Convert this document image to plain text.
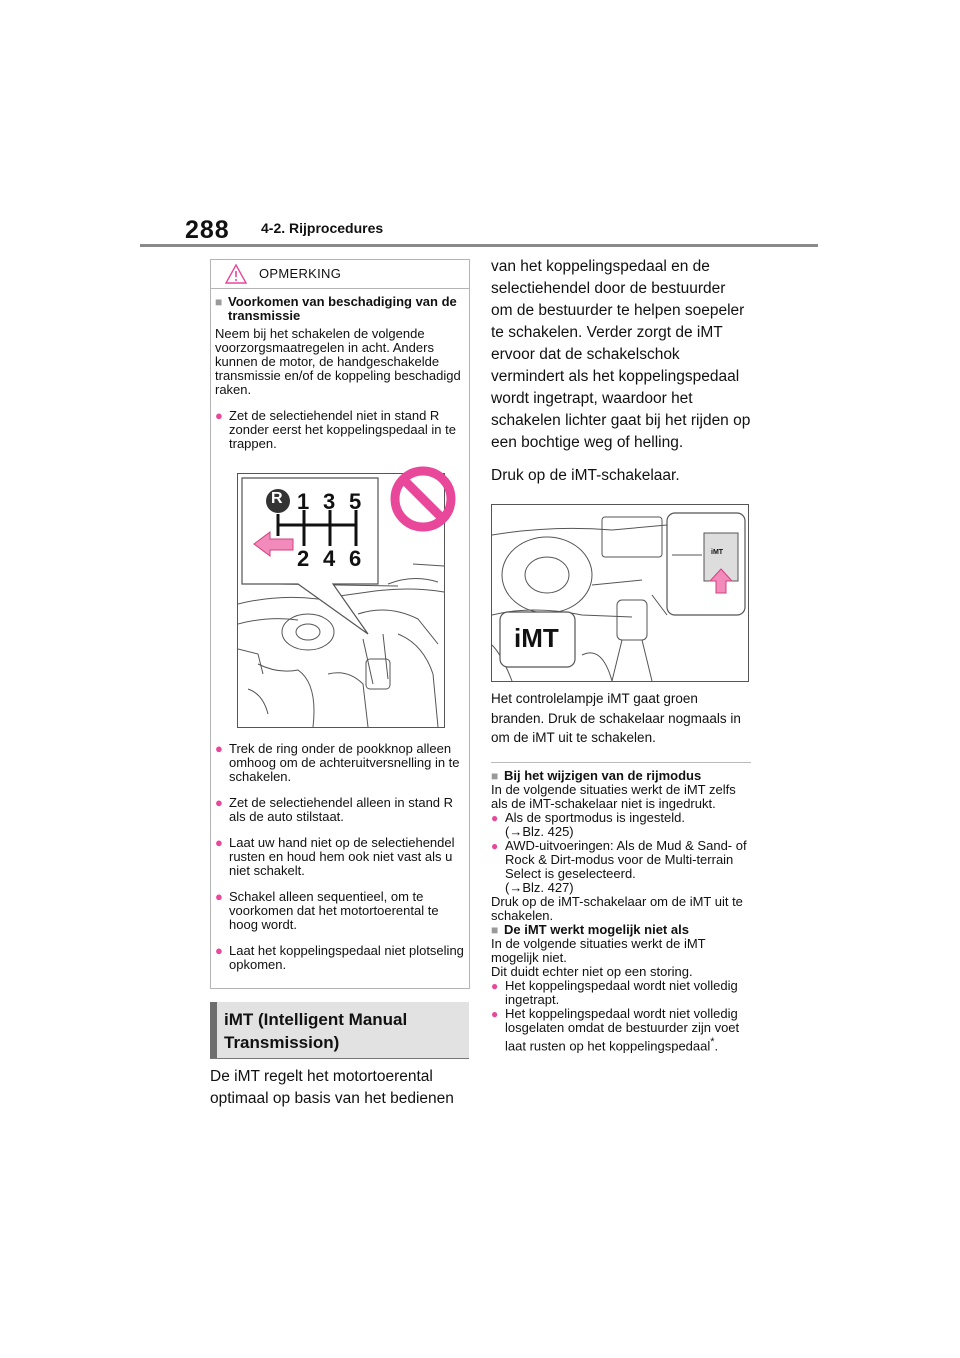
288 4-2. Rijprocedures
OPMERKING
■ Voorkomen van beschadiging van de transmissie
Neem bij het schakelen de volgende voorzorgsmaatregelen in acht. Anders kunnen de motor, de handgeschakelde transmissie en/of de koppeling beschadigd raken.
● Zet de selectiehendel niet in stand R zonder eerst het koppelingspedaal in te trappen.
R 1 3 5
2 4 6
● Trek de ring onder de pookknop alleen omhoog om de achteruitversnelling in te schakelen.
● Zet de selectiehendel alleen in stand R als de auto stilstaat.
● Laat uw hand niet op de selectiehendel rusten en houd hem ook niet vast als u niet schakelt.
● Schakel alleen sequentieel, om te voorkomen dat het motortoerental te hoog wordt.
● Laat het koppelingspedaal niet plotseling opkomen.
iMT (Intelligent Manual
Transmission)
De iMT regelt het motortoerental optimaal op basis van het bedienen

van het koppelingspedaal en de selectiehendel door de bestuurder om de bestuurder te helpen soepeler te schakelen. Verder zorgt de iMT ervoor dat de schakelschok vermindert als het koppelingspedaal wordt ingetrapt, waardoor het schakelen lichter gaat bij het rijden op een bochtige weg of helling.

Druk op de iMT-schakelaar.

iMT
iMT
Het controlelampje iMT gaat groen branden. Druk de schakelaar nogmaals in om de iMT uit te schakelen.
■ Bij het wijzigen van de rijmodus
In de volgende situaties werkt de iMT zelfs als de iMT-schakelaar niet is ingedrukt.
● Als de sportmodus is ingesteld.
(→Blz. 425)
● AWD-uitvoeringen: Als de Mud & Sand- of Rock & Dirt-modus voor de Multi-terrain Select is geselecteerd.
(→Blz. 427)
Druk op de iMT-schakelaar om de iMT uit te schakelen.
■ De iMT werkt mogelijk niet als
In de volgende situaties werkt de iMT mogelijk niet.
Dit duidt echter niet op een storing.
● Het koppelingspedaal wordt niet volledig ingetrapt.
● Het koppelingspedaal wordt niet volledig losgelaten omdat de bestuurder zijn voet laat rusten op het koppelingspedaal*.
